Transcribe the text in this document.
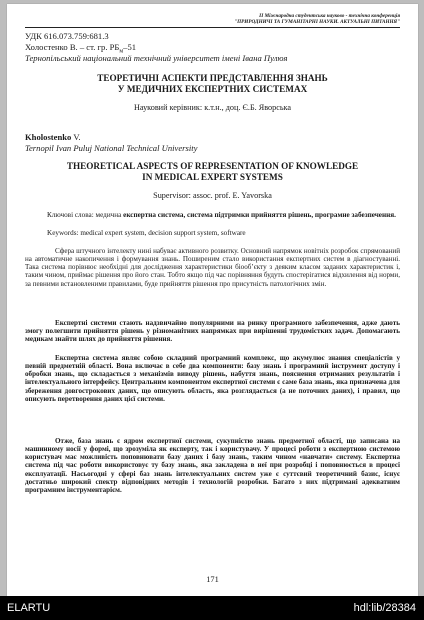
ІІ Міжнародна студентська науково - технічна конференція
"ПРИРОДНИЧІ ТА ГУМАНІТАРНІ НАУКИ. АКТУАЛЬНІ ПИТАННЯ"
УДК 616.073.759:681.3
Холостенко В. – ст. гр. $РБ_м-51$
Тернопільський національний технічний університет імені Івана Пулюя
ТЕОРЕТИЧНІ АСПЕКТИ ПРЕДСТАВЛЕННЯ ЗНАНЬ
У МЕДИЧНИХ ЕКСПЕРТНИХ СИСТЕМАХ
Науковий керівник: к.т.н., доц. Є.Б. Яворська
Kholostenko V.
Ternopil Ivan Puluj National Technical University
THEORETICAL ASPECTS OF REPRESENTATION OF KNOWLEDGE
IN MEDICAL EXPERT SYSTEMS
Supervisor: assoc. prof. E. Yavorska
Ключові слова: медична експертна система, система підтримки прийняття рішень, програмне забезпечення.
Keywords: medical expert system, decision support system, software
Сфера штучного інтелекту нині набуває активного розвитку. Основний напрямок новітніх розробок спрямований на автоматичне накопичення і формування знань. Поширеним стало використання експертних систем в діагностуванні. Така система порівнює необхідні для дослідження характеристики біооб’єкту з деяким класом заданих характеристик і, таким чином, приймає рішення про його стан. Тобто якщо під час порівняння будуть спостерігатися відхилення від норми, за певними встановленими правилами, буде прийняття рішення про присутність патологічних змін.
Експертні системи стають надзвичайно популярними на ринку програмного забезпечення, адже дають змогу полегшити прийняття рішень у різноманітних напрямках при вирішенні трудомістких задач. Допомагають медикам знайти шлях до прийняття рішення.
Експертна система являє собою складний програмний комплекс, що акумулює знання спеціалістів у певній предметній області. Вона включає в себе два компоненти: базу знань і програмний інструмент доступу і обробки знань, що складається з механізмів виводу рішень, набуття знань, пояснення отриманих результатів і інтелектуального інтерфейсу. Центральним компонентом експертної системи є саме база знань, яка призначена для збереження довгострокових даних, що описують область, яка розглядається (а не поточних даних), і правил, що описують перетворення даних цієї системи.
Отже, база знань є ядром експертної системи, сукупністю знань предметної області, що записана на машинному носії у формі, що зрозуміла як експерту, так і користувачу. У процесі роботи з експертною системою користувач має можливість поповнювати базу даних і базу знань, таким чином «навчати» систему. Експертна система під час роботи використовує ту базу знань, яка закладена в неї при розробці і поповнюється в процесі експлуатації. Насьогодні у сфері баз знань інтелектуальних систем уже є суттєвий теоретичний базис, існує достатньо широкий спектр відповідних методів і технологій розробки. Багато з них підтримані адекватним програмним інструментарієм.
171
ELARTU	hdl:lib/28384
